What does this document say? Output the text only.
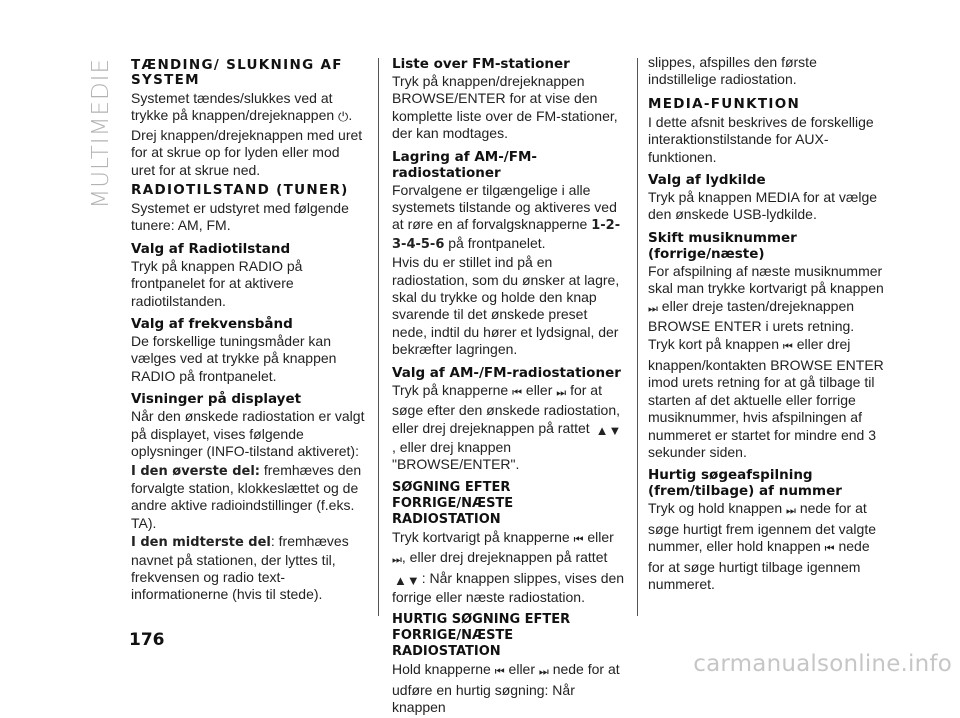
MULTIMEDIE TÆNDING/ SLUKNING AF SYSTEM

Systemet tændes/slukkes ved at trykke på knappen/drejeknappen ⏻.

Drej knappen/drejeknappen med uret for at skrue op for lyden eller mod uret for at skrue ned.

RADIOTILSTAND (TUNER)

Systemet er udstyret med følgende tunere: AM, FM.

Valg af Radiotilstand

Tryk på knappen RADIO på frontpanelet for at aktivere radiotilstanden.

Valg af frekvensbånd

De forskellige tuningsmåder kan vælges ved at trykke på knappen RADIO på frontpanelet.

Visninger på displayet

Når den ønskede radiostation er valgt på displayet, vises følgende oplysninger (INFO-tilstand aktiveret):

I den øverste del: fremhæves den forvalgte station, klokkeslættet og de andre aktive radioindstillinger (f.eks. TA).

I den midterste del: fremhæves navnet på stationen, der lyttes til, frekvensen og radio text-informationerne (hvis til stede).

Liste over FM-stationer

Tryk på knappen/drejeknappen BROWSE/ENTER for at vise den komplette liste over de FM-stationer, der kan modtages.

Lagring af AM-/FM-radiostationer

Forvalgene er tilgængelige i alle systemets tilstande og aktiveres ved at røre en af forvalgsknapperne 1-2-3-4-5-6 på frontpanelet.

Hvis du er stillet ind på en radiostation, som du ønsker at lagre, skal du trykke og holde den knap svarende til det ønskede preset nede, indtil du hører et lydsignal, der bekræfter lagringen.

Valg af AM-/FM-radiostationer

Tryk på knapperne ⏮ eller ⏭ for at søge efter den ønskede radiostation, eller drej drejeknappen på rattet ▲▼, eller drej knappen "BROWSE/ENTER".

SØGNING EFTER FORRIGE/NÆSTE RADIOSTATION

Tryk kortvarigt på knapperne ⏮ eller ⏭ , eller drej drejeknappen på rattet ▲▼ : Når knappen slippes, vises den forrige eller næste radiostation.

HURTIG SØGNING EFTER FORRIGE/NÆSTE RADIOSTATION

Hold knapperne ⏮ eller ⏭ nede for at udføre en hurtig søgning: Når knappen

slippes, afspilles den første indstillelige radiostation.

MEDIA-FUNKTION

I dette afsnit beskrives de forskellige interaktionstilstande for AUX-funktionen.

Valg af lydkilde

Tryk på knappen MEDIA for at vælge den ønskede USB-lydkilde.

Skift musiknummer (forrige/næste)

For afspilning af næste musiknummer skal man trykke kortvarigt på knappen ⏭ eller dreje tasten/drejeknappen BROWSE ENTER i urets retning.

Tryk kort på knappen ⏮ eller drej knappen/kontakten BROWSE ENTER imod urets retning for at gå tilbage til starten af det aktuelle eller forrige musiknummer, hvis afspilningen af nummeret er startet for mindre end 3 sekunder siden.

Hurtig søgeafspilning (frem/tilbage) af nummer

Tryk og hold knappen ⏭ nede for at søge hurtigt frem igennem det valgte nummer, eller hold knappen ⏮ nede for at søge hurtigt tilbage igennem nummeret.

176
carmanualsonline.info
